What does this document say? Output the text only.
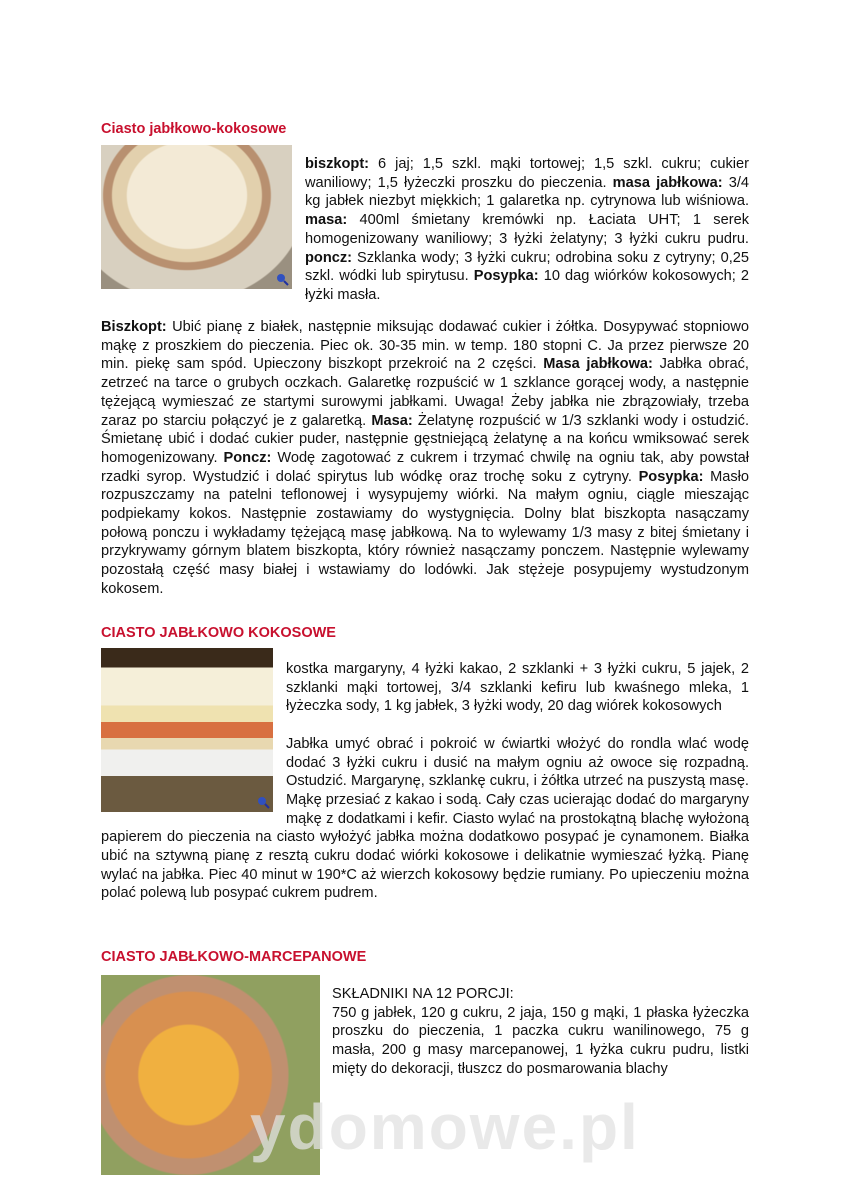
Ciasto jabłkowo-kokosowe

biszkopt: 6 jaj; 1,5 szkl. mąki tortowej; 1,5 szkl. cukru; cukier waniliowy; 1,5 łyżeczki proszku do pieczenia. masa jabłkowa: 3/4 kg jabłek niezbyt miękkich; 1 galaretka np. cytrynowa lub wiśniowa. masa: 400ml śmietany kremówki np. Łaciata UHT; 1 serek homogenizowany waniliowy; 3 łyżki żelatyny; 3 łyżki cukru pudru. poncz: Szklanka wody; 3 łyżki cukru; odrobina soku z cytryny; 0,25 szkl. wódki lub spirytusu. Posypka: 10 dag wiórków kokosowych; 2 łyżki masła.

Biszkopt: Ubić pianę z białek, następnie miksując dodawać cukier i żółtka. Dosypywać stopniowo mąkę z proszkiem do pieczenia. Piec ok. 30-35 min. w temp. 180 stopni C. Ja przez pierwsze 20 min. piekę sam spód. Upieczony biszkopt przekroić na 2 części. Masa jabłkowa: Jabłka obrać, zetrzeć na tarce o grubych oczkach. Galaretkę rozpuścić w 1 szklance gorącej wody, a następnie tężejącą wymieszać ze startymi surowymi jabłkami. Uwaga! Żeby jabłka nie zbrązowiały, trzeba zaraz po starciu połączyć je z galaretką. Masa: Żelatynę rozpuścić w 1/3 szklanki wody i ostudzić. Śmietanę ubić i dodać cukier puder, następnie gęstniejącą żelatynę a na końcu wmiksować serek homogenizowany. Poncz: Wodę zagotować z cukrem i trzymać chwilę na ogniu tak, aby powstał rzadki syrop. Wystudzić i dolać spirytus lub wódkę oraz trochę soku z cytryny. Posypka: Masło rozpuszczamy na patelni teflonowej i wysypujemy wiórki. Na małym ogniu, ciągle mieszając podpiekamy kokos. Następnie zostawiamy do wystygnięcia. Dolny blat biszkopta nasączamy połową ponczu i wykładamy tężejącą masę jabłkową. Na to wylewamy 1/3 masy z bitej śmietany i przykrywamy górnym blatem biszkopta, który również nasączamy ponczem. Następnie wylewamy pozostałą część masy białej i wstawiamy do lodówki. Jak stężeje posypujemy wystudzonym kokosem.

CIASTO JABŁKOWO KOKOSOWE

kostka margaryny, 4 łyżki kakao, 2 szklanki + 3 łyżki cukru, 5 jajek, 2 szklanki mąki tortowej, 3/4 szklanki kefiru lub kwaśnego mleka, 1 łyżeczka sody, 1 kg jabłek, 3 łyżki wody, 20 dag wiórek kokosowych

Jabłka umyć obrać i pokroić w ćwiartki włożyć do rondla wlać wodę dodać 3 łyżki cukru i dusić na małym ogniu aż owoce się rozpadną. Ostudzić. Margarynę, szklankę cukru, i żółtka utrzeć na puszystą masę. Mąkę przesiać z kakao i sodą. Cały czas ucierając dodać do margaryny mąkę z dodatkami i kefir. Ciasto wylać na prostokątną blachę wyłożoną papierem do pieczenia na ciasto wyłożyć jabłka można dodatkowo posypać je cynamonem. Białka ubić na sztywną pianę z resztą cukru dodać wiórki kokosowe i delikatnie wymieszać łyżką. Pianę wylać na jabłka. Piec 40 minut w 190*C aż wierzch kokosowy będzie rumiany. Po upieczeniu można polać polewą lub posypać cukrem pudrem.

CIASTO JABŁKOWO-MARCEPANOWE

SKŁADNIKI NA 12 PORCJI:

750 g jabłek, 120 g cukru, 2 jaja, 150 g mąki, 1 płaska łyżeczka proszku do pieczenia, 1 paczka cukru wanilinowego, 75 g masła, 200 g masy marcepanowej, 1 łyżka cukru pudru, listki mięty do dekoracji, tłuszcz do posmarowania blachy

ydomowe.pl
